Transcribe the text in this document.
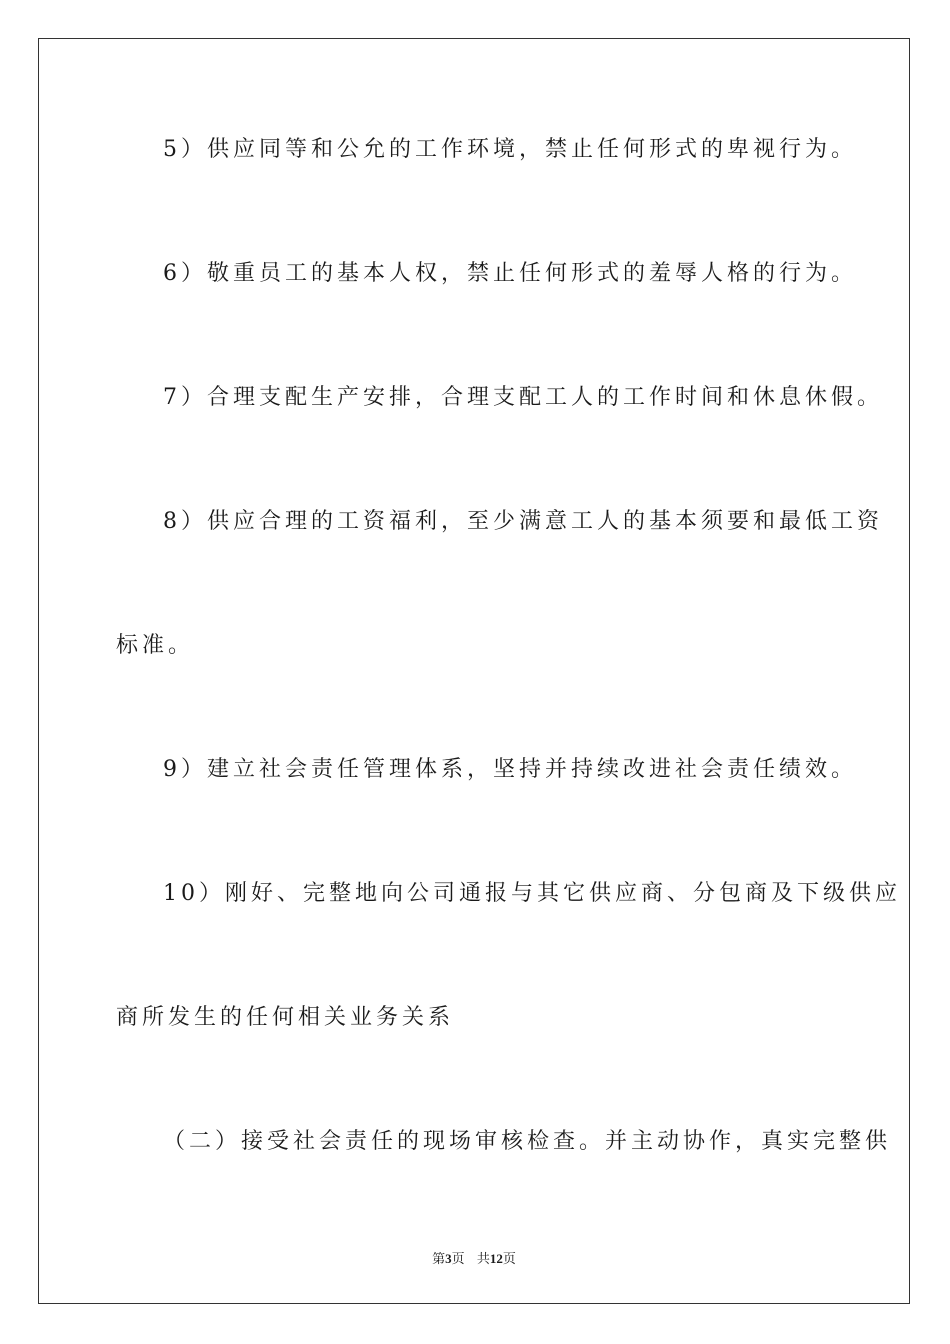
5）供应同等和公允的工作环境，禁止任何形式的卑视行为。
6）敬重员工的基本人权，禁止任何形式的羞辱人格的行为。
7）合理支配生产安排，合理支配工人的工作时间和休息休假。
8）供应合理的工资福利，至少满意工人的基本须要和最低工资
标准。
9）建立社会责任管理体系，坚持并持续改进社会责任绩效。
10）刚好、完整地向公司通报与其它供应商、分包商及下级供应
商所发生的任何相关业务关系
（二）接受社会责任的现场审核检查。并主动协作，真实完整供
第3页 共12页
